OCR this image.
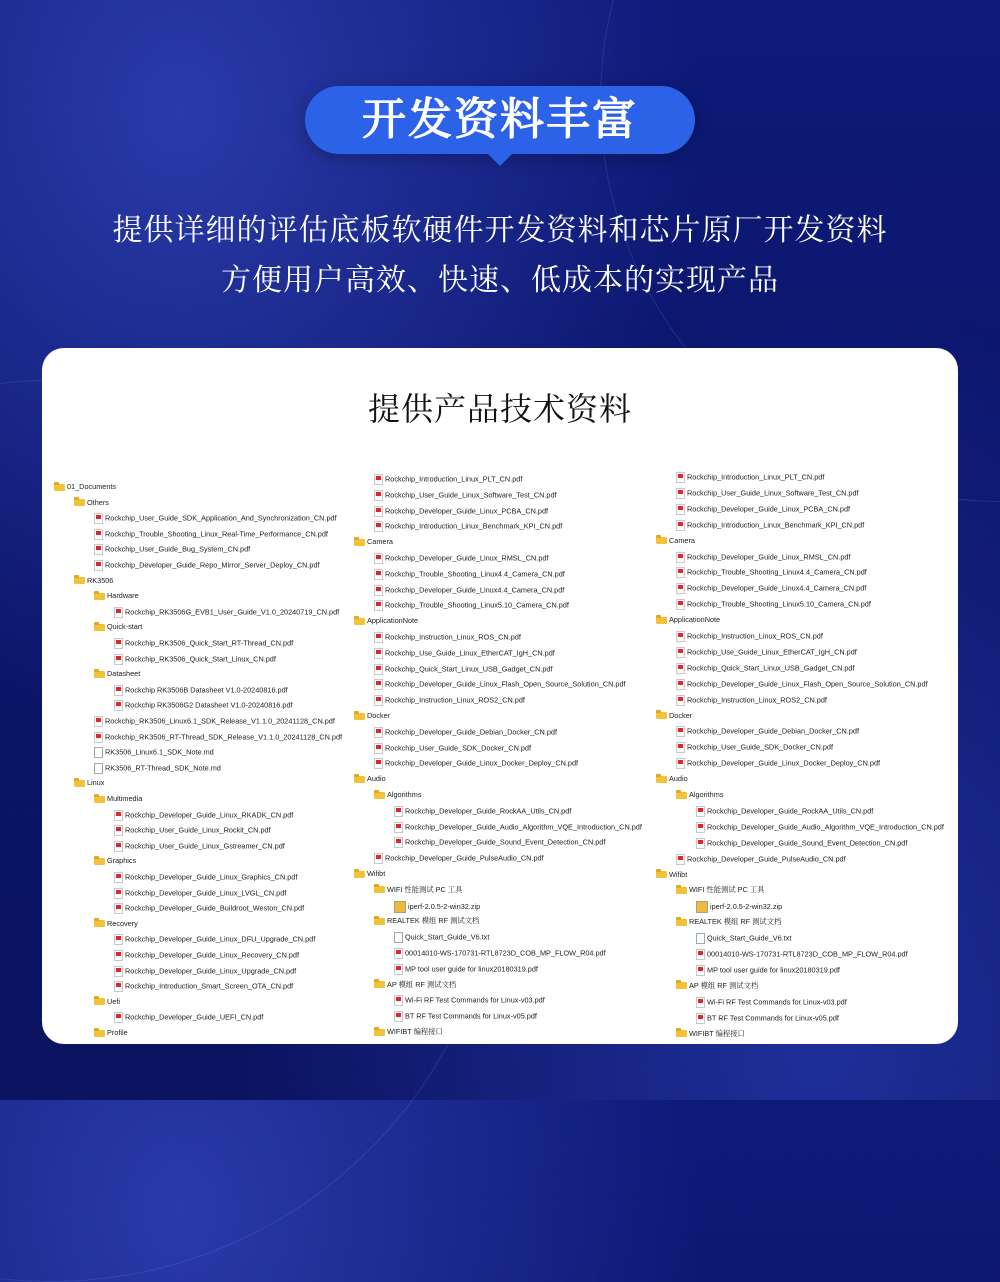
开发资料丰富
提供详细的评估底板软硬件开发资料和芯片原厂开发资料
方便用户高效、快速、低成本的实现产品
提供产品技术资料
01_Documents
Others
Rockchip_User_Guide_SDK_Application_And_Synchronization_CN.pdf
Rockchip_Trouble_Shooting_Linux_Real-Time_Performance_CN.pdf
Rockchip_User_Guide_Bug_System_CN.pdf
Rockchip_Developer_Guide_Repo_Mirror_Server_Deploy_CN.pdf
RK3506
Hardware
Rockchip_RK3506G_EVB1_User_Guide_V1.0_20240719_CN.pdf
Quick-start
Rockchip_RK3506_Quick_Start_RT-Thread_CN.pdf
Rockchip_RK3506_Quick_Start_Linux_CN.pdf
Datasheet
Rockchip RK3506B Datasheet V1.0-20240816.pdf
Rockchip RK3506G2 Datasheet V1.0-20240816.pdf
Rockchip_RK3506_Linux6.1_SDK_Release_V1.1.0_20241128_CN.pdf
Rockchip_RK3506_RT-Thread_SDK_Release_V1.1.0_20241128_CN.pdf
RK3506_Linux6.1_SDK_Note.md
RK3506_RT-Thread_SDK_Note.md
Linux
Multimedia
Rockchip_Developer_Guide_Linux_RKADK_CN.pdf
Rockchip_User_Guide_Linux_Rockit_CN.pdf
Rockchip_User_Guide_Linux_Gstreamer_CN.pdf
Graphics
Rockchip_Developer_Guide_Linux_Graphics_CN.pdf
Rockchip_Developer_Guide_Linux_LVGL_CN.pdf
Rockchip_Developer_Guide_Buildroot_Weston_CN.pdf
Recovery
Rockchip_Developer_Guide_Linux_DFU_Upgrade_CN.pdf
Rockchip_Developer_Guide_Linux_Recovery_CN.pdf
Rockchip_Developer_Guide_Linux_Upgrade_CN.pdf
Rockchip_Introduction_Smart_Screen_OTA_CN.pdf
Uefi
Rockchip_Developer_Guide_UEFI_CN.pdf
Profile
Rockchip_Introduction_Linux_PLT_CN.pdf
Rockchip_User_Guide_Linux_Software_Test_CN.pdf
Rockchip_Developer_Guide_Linux_PCBA_CN.pdf
Rockchip_Introduction_Linux_Benchmark_KPI_CN.pdf
Camera
Rockchip_Developer_Guide_Linux_RMSL_CN.pdf
Rockchip_Trouble_Shooting_Linux4.4_Camera_CN.pdf
Rockchip_Developer_Guide_Linux4.4_Camera_CN.pdf
Rockchip_Trouble_Shooting_Linux5.10_Camera_CN.pdf
ApplicationNote
Rockchip_Instruction_Linux_ROS_CN.pdf
Rockchip_Use_Guide_Linux_EtherCAT_IgH_CN.pdf
Rockchip_Quick_Start_Linux_USB_Gadget_CN.pdf
Rockchip_Developer_Guide_Linux_Flash_Open_Source_Solution_CN.pdf
Rockchip_Instruction_Linux_ROS2_CN.pdf
Docker
Rockchip_Developer_Guide_Debian_Docker_CN.pdf
Rockchip_User_Guide_SDK_Docker_CN.pdf
Rockchip_Developer_Guide_Linux_Docker_Deploy_CN.pdf
Audio
Algorithms
Rockchip_Developer_Guide_RockAA_Utils_CN.pdf
Rockchip_Developer_Guide_Audio_Algorithm_VQE_Introduction_CN.pdf
Rockchip_Developer_Guide_Sound_Event_Detection_CN.pdf
Rockchip_Developer_Guide_PulseAudio_CN.pdf
Wifibt
WIFI 性能测试 PC 工具
iperf-2.0.5-2-win32.zip
REALTEK 模组 RF 测试文档
Quick_Start_Guide_V6.txt
00014010-WS-170731-RTL8723D_COB_MP_FLOW_R04.pdf
MP tool user guide for linux20180319.pdf
AP 模组 RF 测试文档
Wi-Fi RF Test Commands for Linux-v03.pdf
BT RF Test Commands for Linux-v05.pdf
WIFIBT 编程接口
Rockchip_Introduction_Linux_PLT_CN.pdf
Rockchip_User_Guide_Linux_Software_Test_CN.pdf
Rockchip_Developer_Guide_Linux_PCBA_CN.pdf
Rockchip_Introduction_Linux_Benchmark_KPI_CN.pdf
Camera
Rockchip_Developer_Guide_Linux_RMSL_CN.pdf
Rockchip_Trouble_Shooting_Linux4.4_Camera_CN.pdf
Rockchip_Developer_Guide_Linux4.4_Camera_CN.pdf
Rockchip_Trouble_Shooting_Linux5.10_Camera_CN.pdf
ApplicationNote
Rockchip_Instruction_Linux_ROS_CN.pdf
Rockchip_Use_Guide_Linux_EtherCAT_IgH_CN.pdf
Rockchip_Quick_Start_Linux_USB_Gadget_CN.pdf
Rockchip_Developer_Guide_Linux_Flash_Open_Source_Solution_CN.pdf
Rockchip_Instruction_Linux_ROS2_CN.pdf
Docker
Rockchip_Developer_Guide_Debian_Docker_CN.pdf
Rockchip_User_Guide_SDK_Docker_CN.pdf
Rockchip_Developer_Guide_Linux_Docker_Deploy_CN.pdf
Audio
Algorithms
Rockchip_Developer_Guide_RockAA_Utils_CN.pdf
Rockchip_Developer_Guide_Audio_Algorithm_VQE_Introduction_CN.pdf
Rockchip_Developer_Guide_Sound_Event_Detection_CN.pdf
Rockchip_Developer_Guide_PulseAudio_CN.pdf
Wifibt
WIFI 性能测试 PC 工具
iperf-2.0.5-2-win32.zip
REALTEK 模组 RF 测试文档
Quick_Start_Guide_V6.txt
00014010-WS-170731-RTL8723D_COB_MP_FLOW_R04.pdf
MP tool user guide for linux20180319.pdf
AP 模组 RF 测试文档
Wi-Fi RF Test Commands for Linux-v03.pdf
BT RF Test Commands for Linux-v05.pdf
WIFIBT 编程接口
